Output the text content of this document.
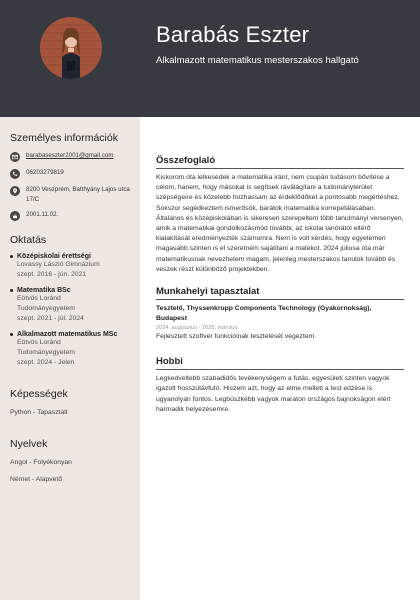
Barabás Eszter
Alkalmazott matematikus mesterszakos hallgató
Személyes információk
barabaseszter2001@gmail.com
06203279819
8200 Veszprém, Batthyány Lajos utca 17/C
2001.11.02.
Oktatás
Középiskolai érettségi
Lovassy László Gimnázium
szept. 2016 - jún. 2021
Matematika BSc
Eötvös Loránd
Tudományegyetem
szept. 2021 - júl. 2024
Alkalmazott matematikus MSc
Eötvös Loránd
Tudományegyetem
szept. 2024 - Jelen
Képességek
Python - Tapasztalt
Nyelvek
Angol - Folyékonyan
Német - Alapvető
Összefoglaló
Kiskorom óta lelkesedek a matematika iránt, nem csupán tudásom bővítése a célom, hanem, hogy másokat is segítsek ráválágítani a tudományterület szépségeire és közelebb hozhassam az érdeklődőket a pontosabb megértéshez. Sokszor segédkeztem ismerősök, barátok matematika korrepetálásában. Általános és középiskolában is sikeresen szerepeltem több tanulmányi versenyen, amik a matematikai gondolkozásmód további, az iskolai tanórától eltérő kialakítását eredményezték számomra. Nem is volt kérdés, hogy egyetemen magasabb szinten is el szeretném sajátítani a matekot. 2024 júliusa óta már matematikusnak nevezhetem magam, jelenleg mesterszakos tanulok tovább és veszek részt különböző projektekben.
Munkahelyi tapasztalat
Tesztelő, Thyssenkrupp Components Technology (Gyakornokság), Budapest
2024. augusztus - 2025. március
Fejlesztett szoftver funkcióinak tesztelését végeztem.
Hobbi
Legkedveltebb szabadidős tevékenységem a futás, egyesületi szinten vagyok igazolt hosszútávfutó. Hiszem azt, hogy az elme mellett a test edzése is ugyanolyan fontos. Legbüszkébb vagyok maraton országos bajnokságon elért harmadik helyezésemre.
